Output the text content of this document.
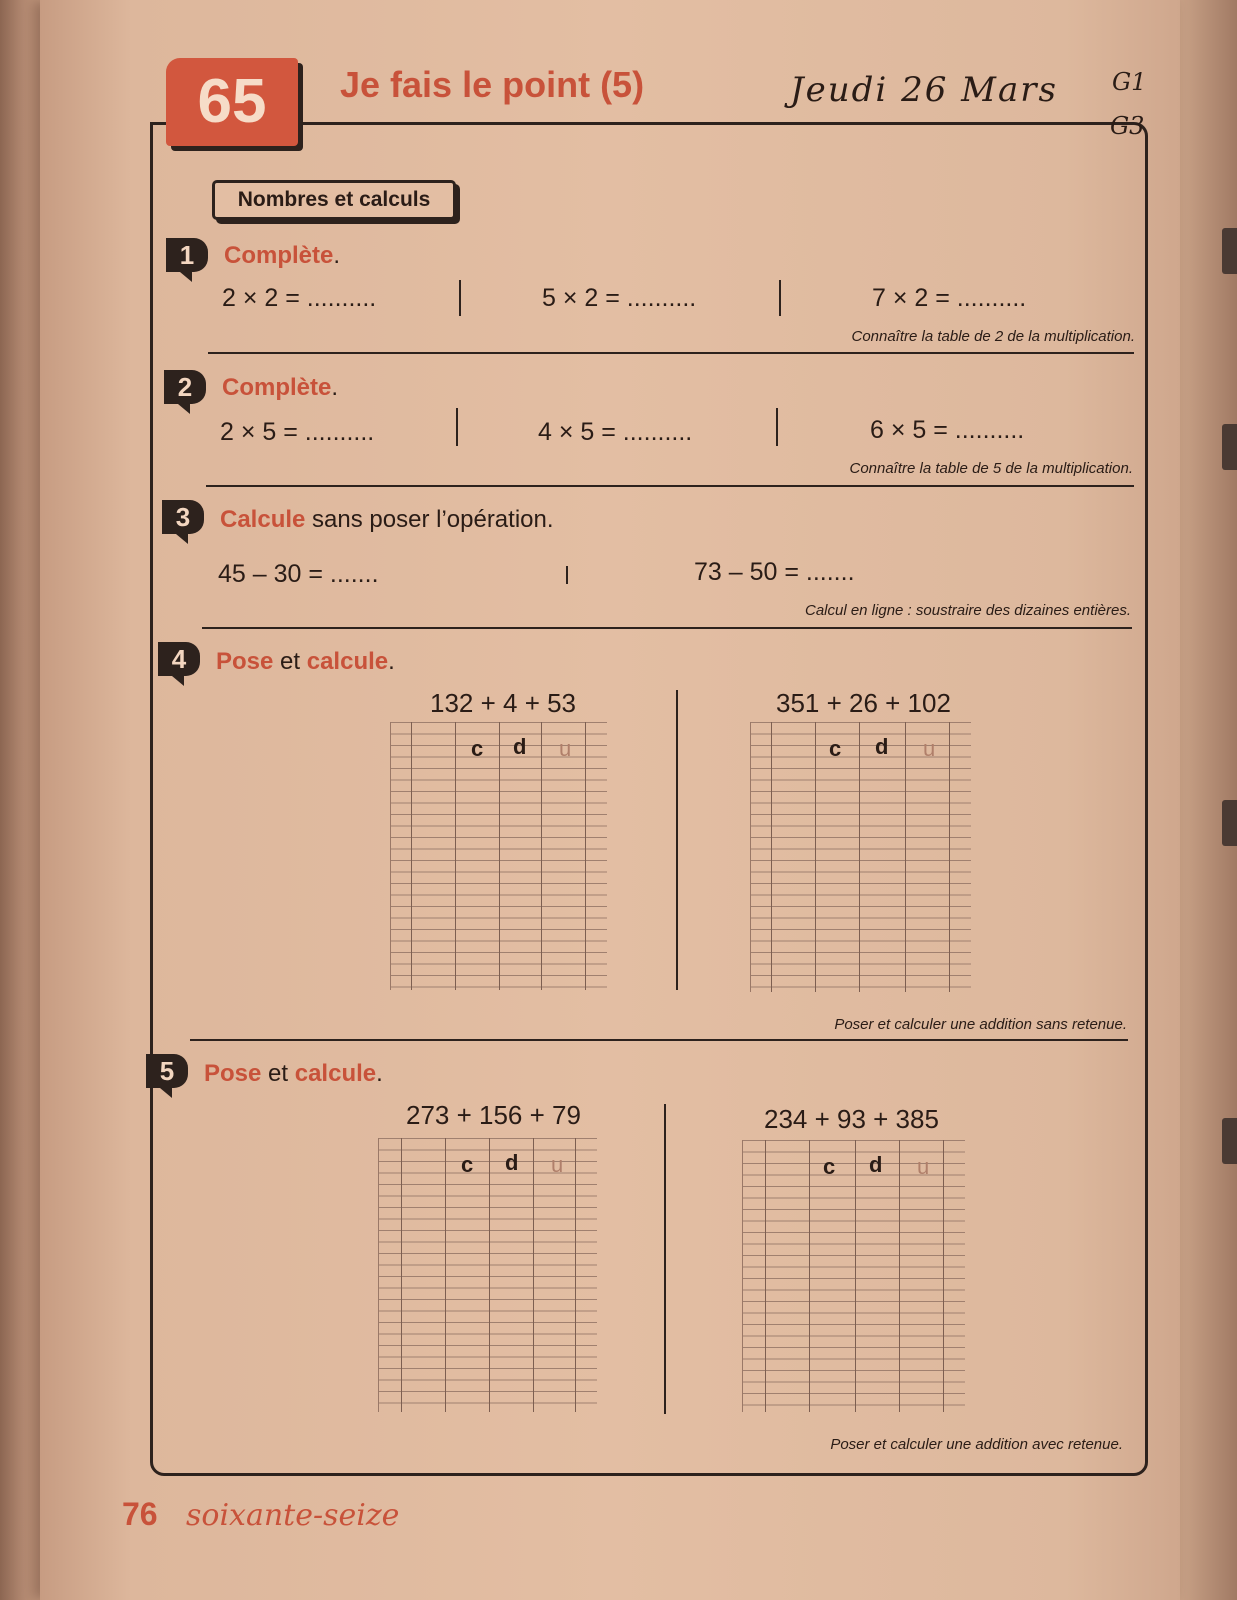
65	Je fais le point (5)	Jeudi 26 Mars G1
G3
Nombres et calculs
1	Complète.
2 × 2 = ..........	5 × 2 = ..........	7 × 2 = ..........
Connaître la table de 2 de la multiplication.
2	Complète.
2 × 5 = ..........	4 × 5 = ..........	6 × 5 = ..........
Connaître la table de 5 de la multiplication.
3	Calcule sans poser l’opération.
45 – 30 = .......	73 – 50 = .......
Calcul en ligne : soustraire des dizaines entières.
4	Pose et calcule.
132 + 4 + 53	351 + 26 + 102
c d u	c d u
Poser et calculer une addition sans retenue.
5	Pose et calcule.
273 + 156 + 79	234 + 93 + 385
c d u	c d u
Poser et calculer une addition avec retenue.
76 soixante-seize
